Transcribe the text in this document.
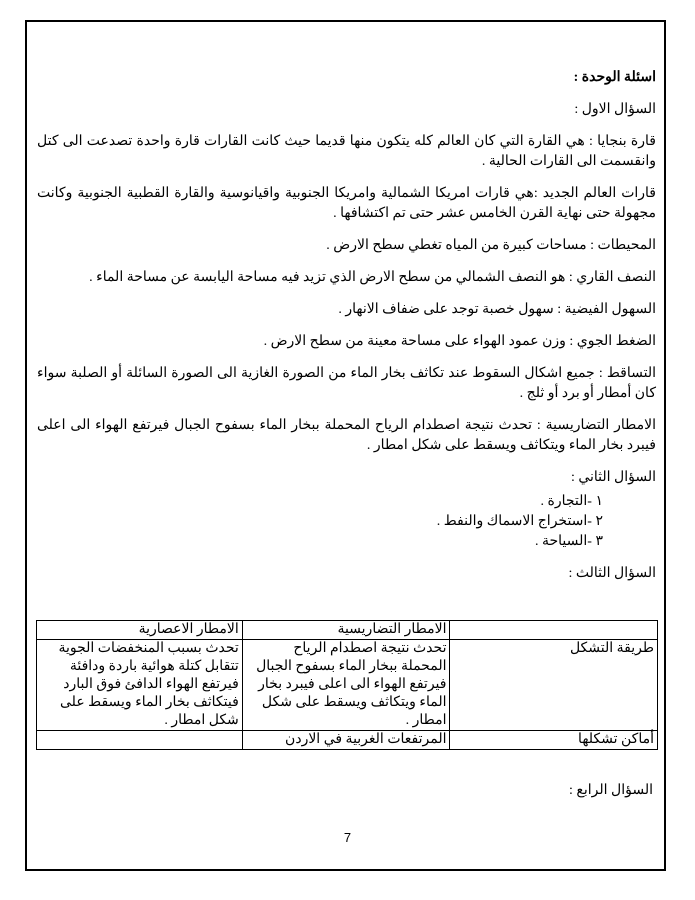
اسئلة الوحدة :

السؤال الاول :

قارة بنجايا : هي القارة التي كان العالم كله يتكون منها قديما حيث كانت القارات قارة واحدة تصدعت الى كتل وانقسمت الى القارات الحالية .

قارات العالم الجديد :هي قارات امريكا الشمالية وامريكا الجنوبية واقيانوسية والقارة القطبية الجنوبية وكانت مجهولة حتى نهاية القرن الخامس عشر حتى تم اكتشافها .

المحيطات : مساحات كبيرة من المياه تغطي سطح الارض .

النصف القاري : هو النصف الشمالي من سطح الارض الذي تزيد فيه مساحة اليابسة عن مساحة الماء .

السهول الفيضية : سهول خصبة توجد على ضفاف الانهار .

الضغط الجوي : وزن عمود الهواء على مساحة معينة من سطح الارض .

التساقط : جميع اشكال السقوط عند تكاثف بخار الماء من الصورة الغازية الى الصورة السائلة أو الصلبة سواء كان أمطار أو برد أو ثلج .

الامطار التضاريسية : تحدث نتيجة اصطدام الرياح المحملة ببخار الماء بسفوح الجبال فيرتفع الهواء الى اعلى فيبرد بخار الماء ويتكاثف ويسقط على شكل امطار .

السؤال الثاني :

١ -التجارة .
٢ -استخراج الاسماك والنفط .
٣ -السياحة .

السؤال الثالث :

	الامطار التضاريسية	الامطار الاعصارية
طريقة التشكل	تحدث نتيجة اصطدام الرياح المحملة ببخار الماء بسفوح الجبال فيرتفع الهواء الى اعلى فيبرد بخار الماء ويتكاثف ويسقط على شكل امطار .	تحدث بسبب المنخفضات الجوية تتقابل كتلة هوائية باردة ودافئة فيرتفع الهواء الدافئ فوق البارد فيتكاثف بخار الماء ويسقط على شكل امطار .
أماكن تشكلها	المرتفعات الغربية في الاردن	

السؤال الرابع :

7
